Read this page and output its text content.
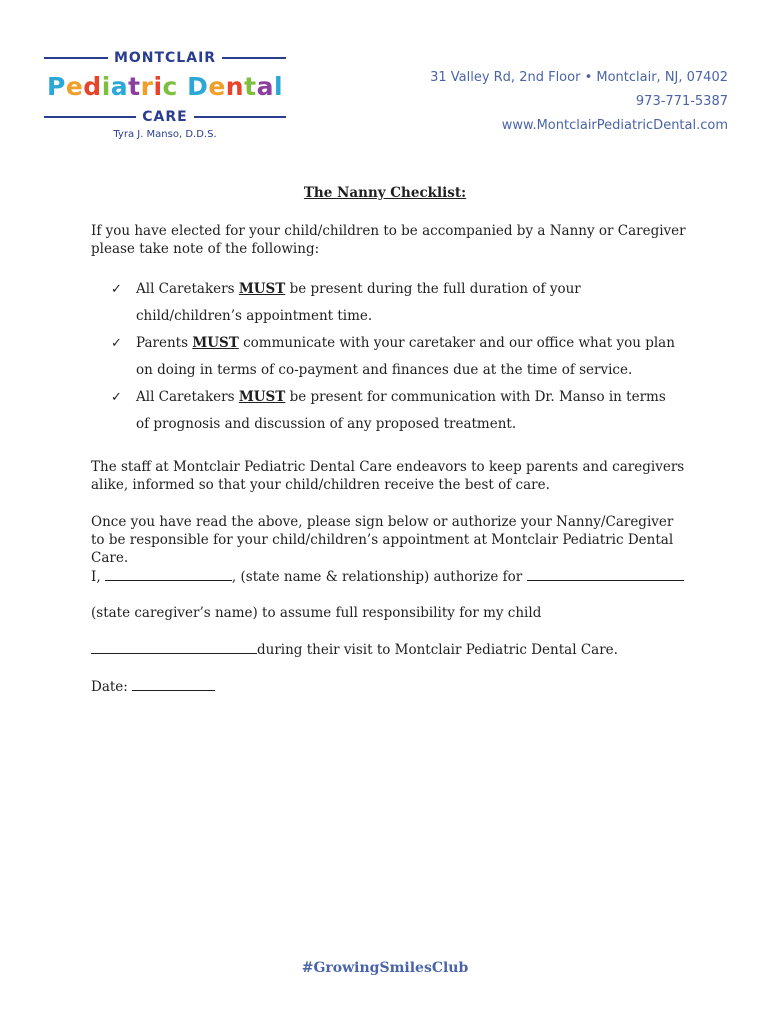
MONTCLAIR
Pediatric Dental
CARE
Tyra J. Manso, D.D.S.
31 Valley Rd, 2nd Floor • Montclair, NJ, 07402
973-771-5387
www.MontclairPediatricDental.com
The Nanny Checklist:
If you have elected for your child/children to be accompanied by a Nanny or Caregiver please take note of the following:
✓	All Caretakers MUST be present during the full duration of your child/children’s appointment time.
✓	Parents MUST communicate with your caretaker and our office what you plan on doing in terms of co-payment and finances due at the time of service.
✓	All Caretakers MUST be present for communication with Dr. Manso in terms of prognosis and discussion of any proposed treatment.
The staff at Montclair Pediatric Dental Care endeavors to keep parents and caregivers alike, informed so that your child/children receive the best of care.
Once you have read the above, please sign below or authorize your Nanny/Caregiver to be responsible for your child/children’s appointment at Montclair Pediatric Dental Care.
I,	, (state name & relationship) authorize for
(state caregiver’s name) to assume full responsibility for my child
during their visit to Montclair Pediatric Dental Care.
Date:
#GrowingSmilesClub
